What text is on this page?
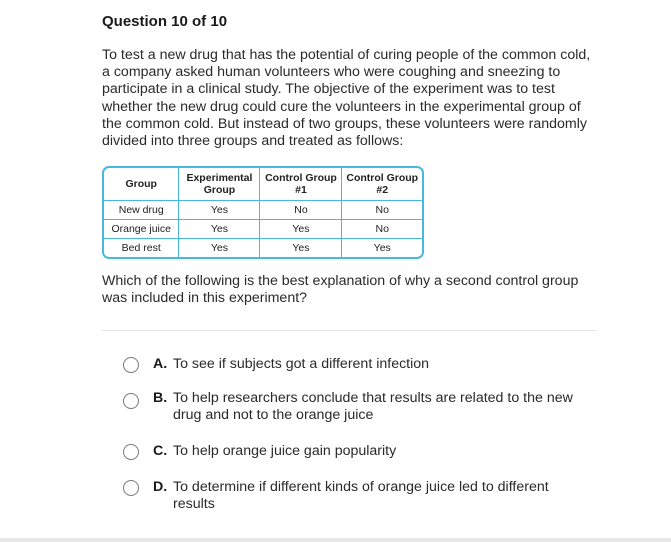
Question 10 of 10
To test a new drug that has the potential of curing people of the common cold, a company asked human volunteers who were coughing and sneezing to participate in a clinical study. The objective of the experiment was to test whether the new drug could cure the volunteers in the experimental group of the common cold. But instead of two groups, these volunteers were randomly divided into three groups and treated as follows:
Group	Experimental Group	Control Group #1	Control Group #2
New drug	Yes	No	No
Orange juice	Yes	Yes	No
Bed rest	Yes	Yes	Yes
Which of the following is the best explanation of why a second control group was included in this experiment?
A. To see if subjects got a different infection
B. To help researchers conclude that results are related to the new drug and not to the orange juice
C. To help orange juice gain popularity
D. To determine if different kinds of orange juice led to different results
